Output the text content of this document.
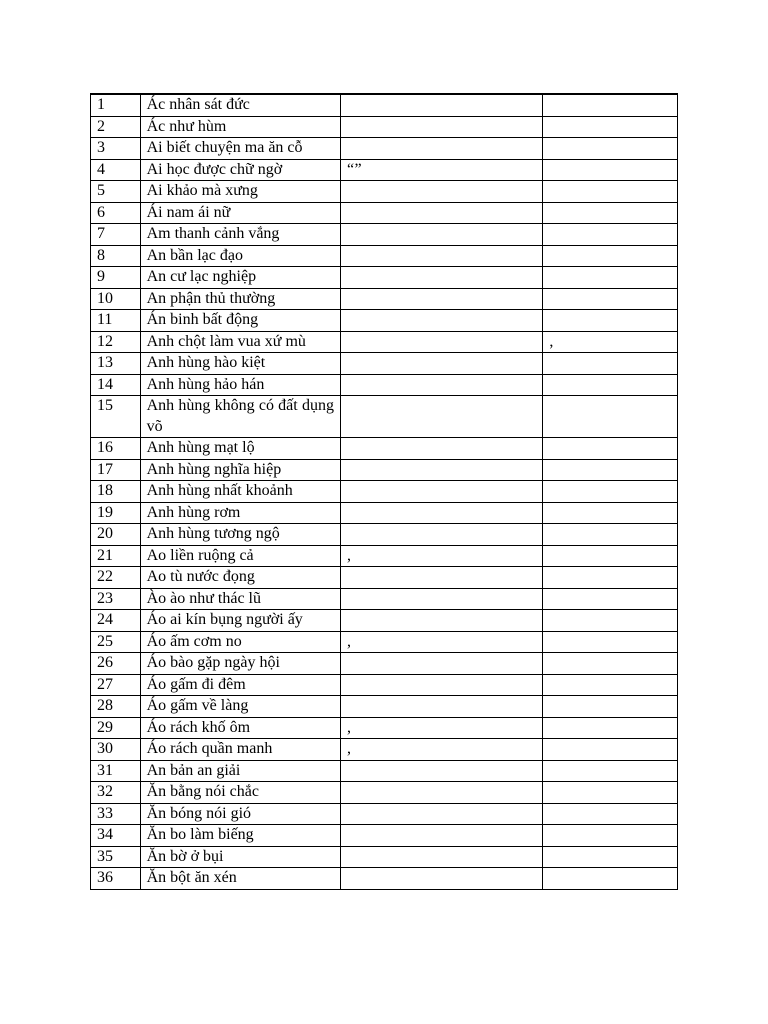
1	Ác nhân sát đức		
2	Ác như hùm		
3	Ai biết chuyện ma ăn cỗ		
4	Ai học được chữ ngờ	“”	
5	Ai khảo mà xưng		
6	Ái nam ái nữ		
7	Am thanh cảnh vắng		
8	An bần lạc đạo		
9	An cư lạc nghiệp		
10	An phận thủ thường		
11	Án binh bất động		
12	Anh chột làm vua xứ mù		,
13	Anh hùng hào kiệt		
14	Anh hùng hảo hán		
15	Anh hùng không có đất dụng võ		
16	Anh hùng mạt lộ		
17	Anh hùng nghĩa hiệp		
18	Anh hùng nhất khoảnh		
19	Anh hùng rơm		
20	Anh hùng tương ngộ		
21	Ao liền ruộng cả	,	
22	Ao tù nước đọng		
23	Ào ào như thác lũ		
24	Áo ai kín bụng người ấy		
25	Áo ấm cơm no	,	
26	Áo bào gặp ngày hội		
27	Áo gấm đi đêm		
28	Áo gấm về làng		
29	Áo rách khố ôm	,	
30	Áo rách quần manh	,	
31	An bản an giải		
32	Ăn bằng nói chắc		
33	Ăn bóng nói gió		
34	Ăn bo làm biếng		
35	Ăn bờ ở bụi		
36	Ăn bột ăn xén		
